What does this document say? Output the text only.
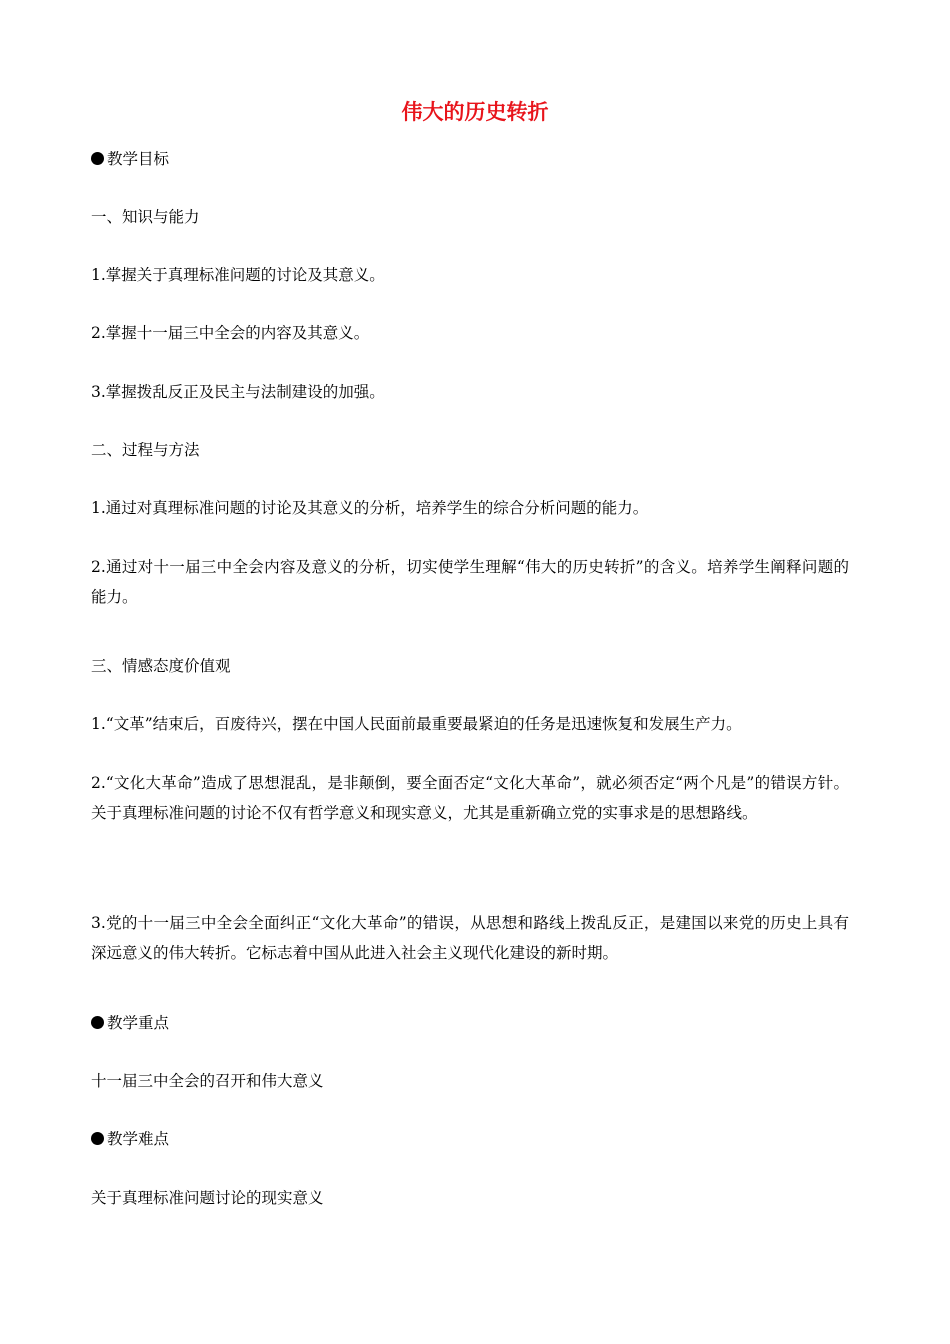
伟大的历史转折
教学目标
一、知识与能力
1.掌握关于真理标准问题的讨论及其意义。
2.掌握十一届三中全会的内容及其意义。
3.掌握拨乱反正及民主与法制建设的加强。
二、过程与方法
1.通过对真理标准问题的讨论及其意义的分析，培养学生的综合分析问题的能力。
2.通过对十一届三中全会内容及意义的分析，切实使学生理解“伟大的历史转折”的含义。培养学生阐释问题的能力。
三、情感态度价值观
1.“文革”结束后，百废待兴，摆在中国人民面前最重要最紧迫的任务是迅速恢复和发展生产力。
2.“文化大革命”造成了思想混乱，是非颠倒，要全面否定“文化大革命”，就必须否定“两个凡是”的错误方针。关于真理标准问题的讨论不仅有哲学意义和现实意义，尤其是重新确立党的实事求是的思想路线。
3.党的十一届三中全会全面纠正“文化大革命”的错误，从思想和路线上拨乱反正，是建国以来党的历史上具有深远意义的伟大转折。它标志着中国从此进入社会主义现代化建设的新时期。
教学重点
十一届三中全会的召开和伟大意义
教学难点
关于真理标准问题讨论的现实意义
